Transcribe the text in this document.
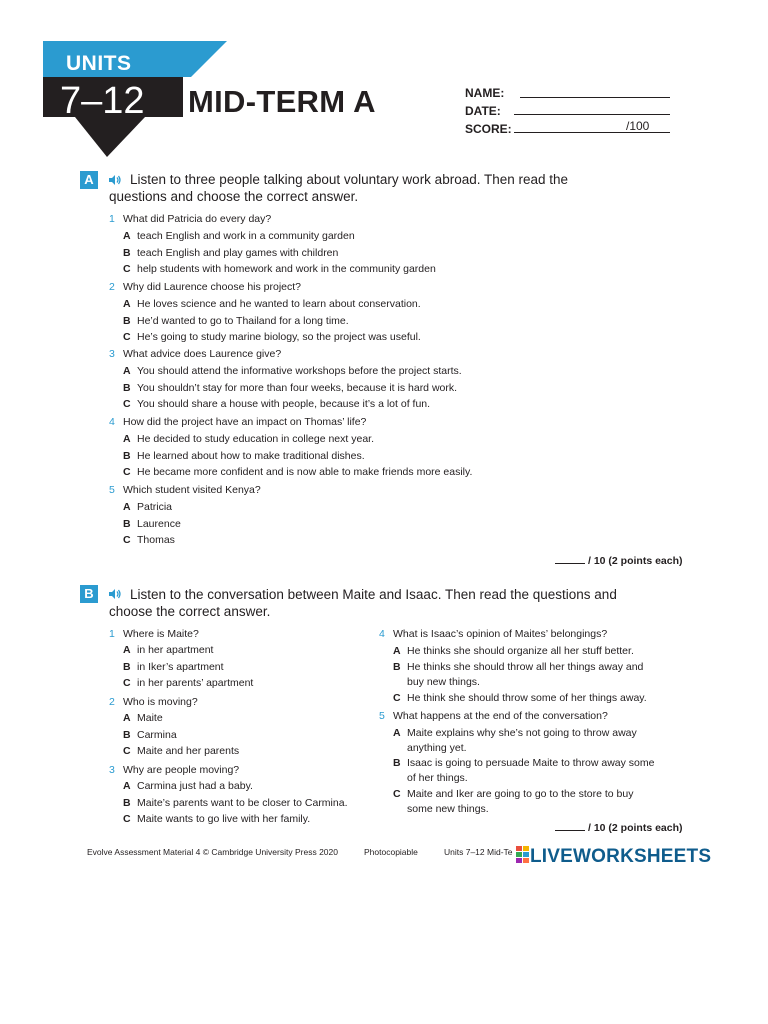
UNITS
7–12 MID-TERM A	NAME:
DATE:
SCORE:	/100
A	Listen to three people talking about voluntary work abroad. Then read the
questions and choose the correct answer.
1 What did Patricia do every day?
A teach English and work in a community garden
B teach English and play games with children
C help students with homework and work in the community garden
2 Why did Laurence choose his project?
A He loves science and he wanted to learn about conservation.
B He’d wanted to go to Thailand for a long time.
C He’s going to study marine biology, so the project was useful.
3 What advice does Laurence give?
A You should attend the informative workshops before the project starts.
B You shouldn’t stay for more than four weeks, because it is hard work.
C You should share a house with people, because it’s a lot of fun.
4 How did the project have an impact on Thomas’ life?
A He decided to study education in college next year.
B He learned about how to make traditional dishes.
C He became more confident and is now able to make friends more easily.
5 Which student visited Kenya?
A Patricia
B Laurence
C Thomas
/ 10 (2 points each)
B	Listen to the conversation between Maite and Isaac. Then read the questions and
choose the correct answer.
1 Where is Maite?
A in her apartment
B in Iker’s apartment
C in her parents’ apartment
2 Who is moving?
A Maite
B Carmina
C Maite and her parents
3 Why are people moving?
A Carmina just had a baby.
B Maite’s parents want to be closer to Carmina.
C Maite wants to go live with her family.
4 What is Isaac’s opinion of Maites’ belongings?
A He thinks she should organize all her stuff better.
B He thinks she should throw all her things away and
buy new things.
C He think she should throw some of her things away.
5 What happens at the end of the conversation?
A Maite explains why she’s not going to throw away
anything yet.
B Isaac is going to persuade Maite to throw away some
of her things.
C Maite and Iker are going to go to the store to buy
some new things.
/ 10 (2 points each)
Evolve Assessment Material 4 © Cambridge University Press 2020	Photocopiable	Units 7–12 Mid-Te LIVEWORKSHEETS
